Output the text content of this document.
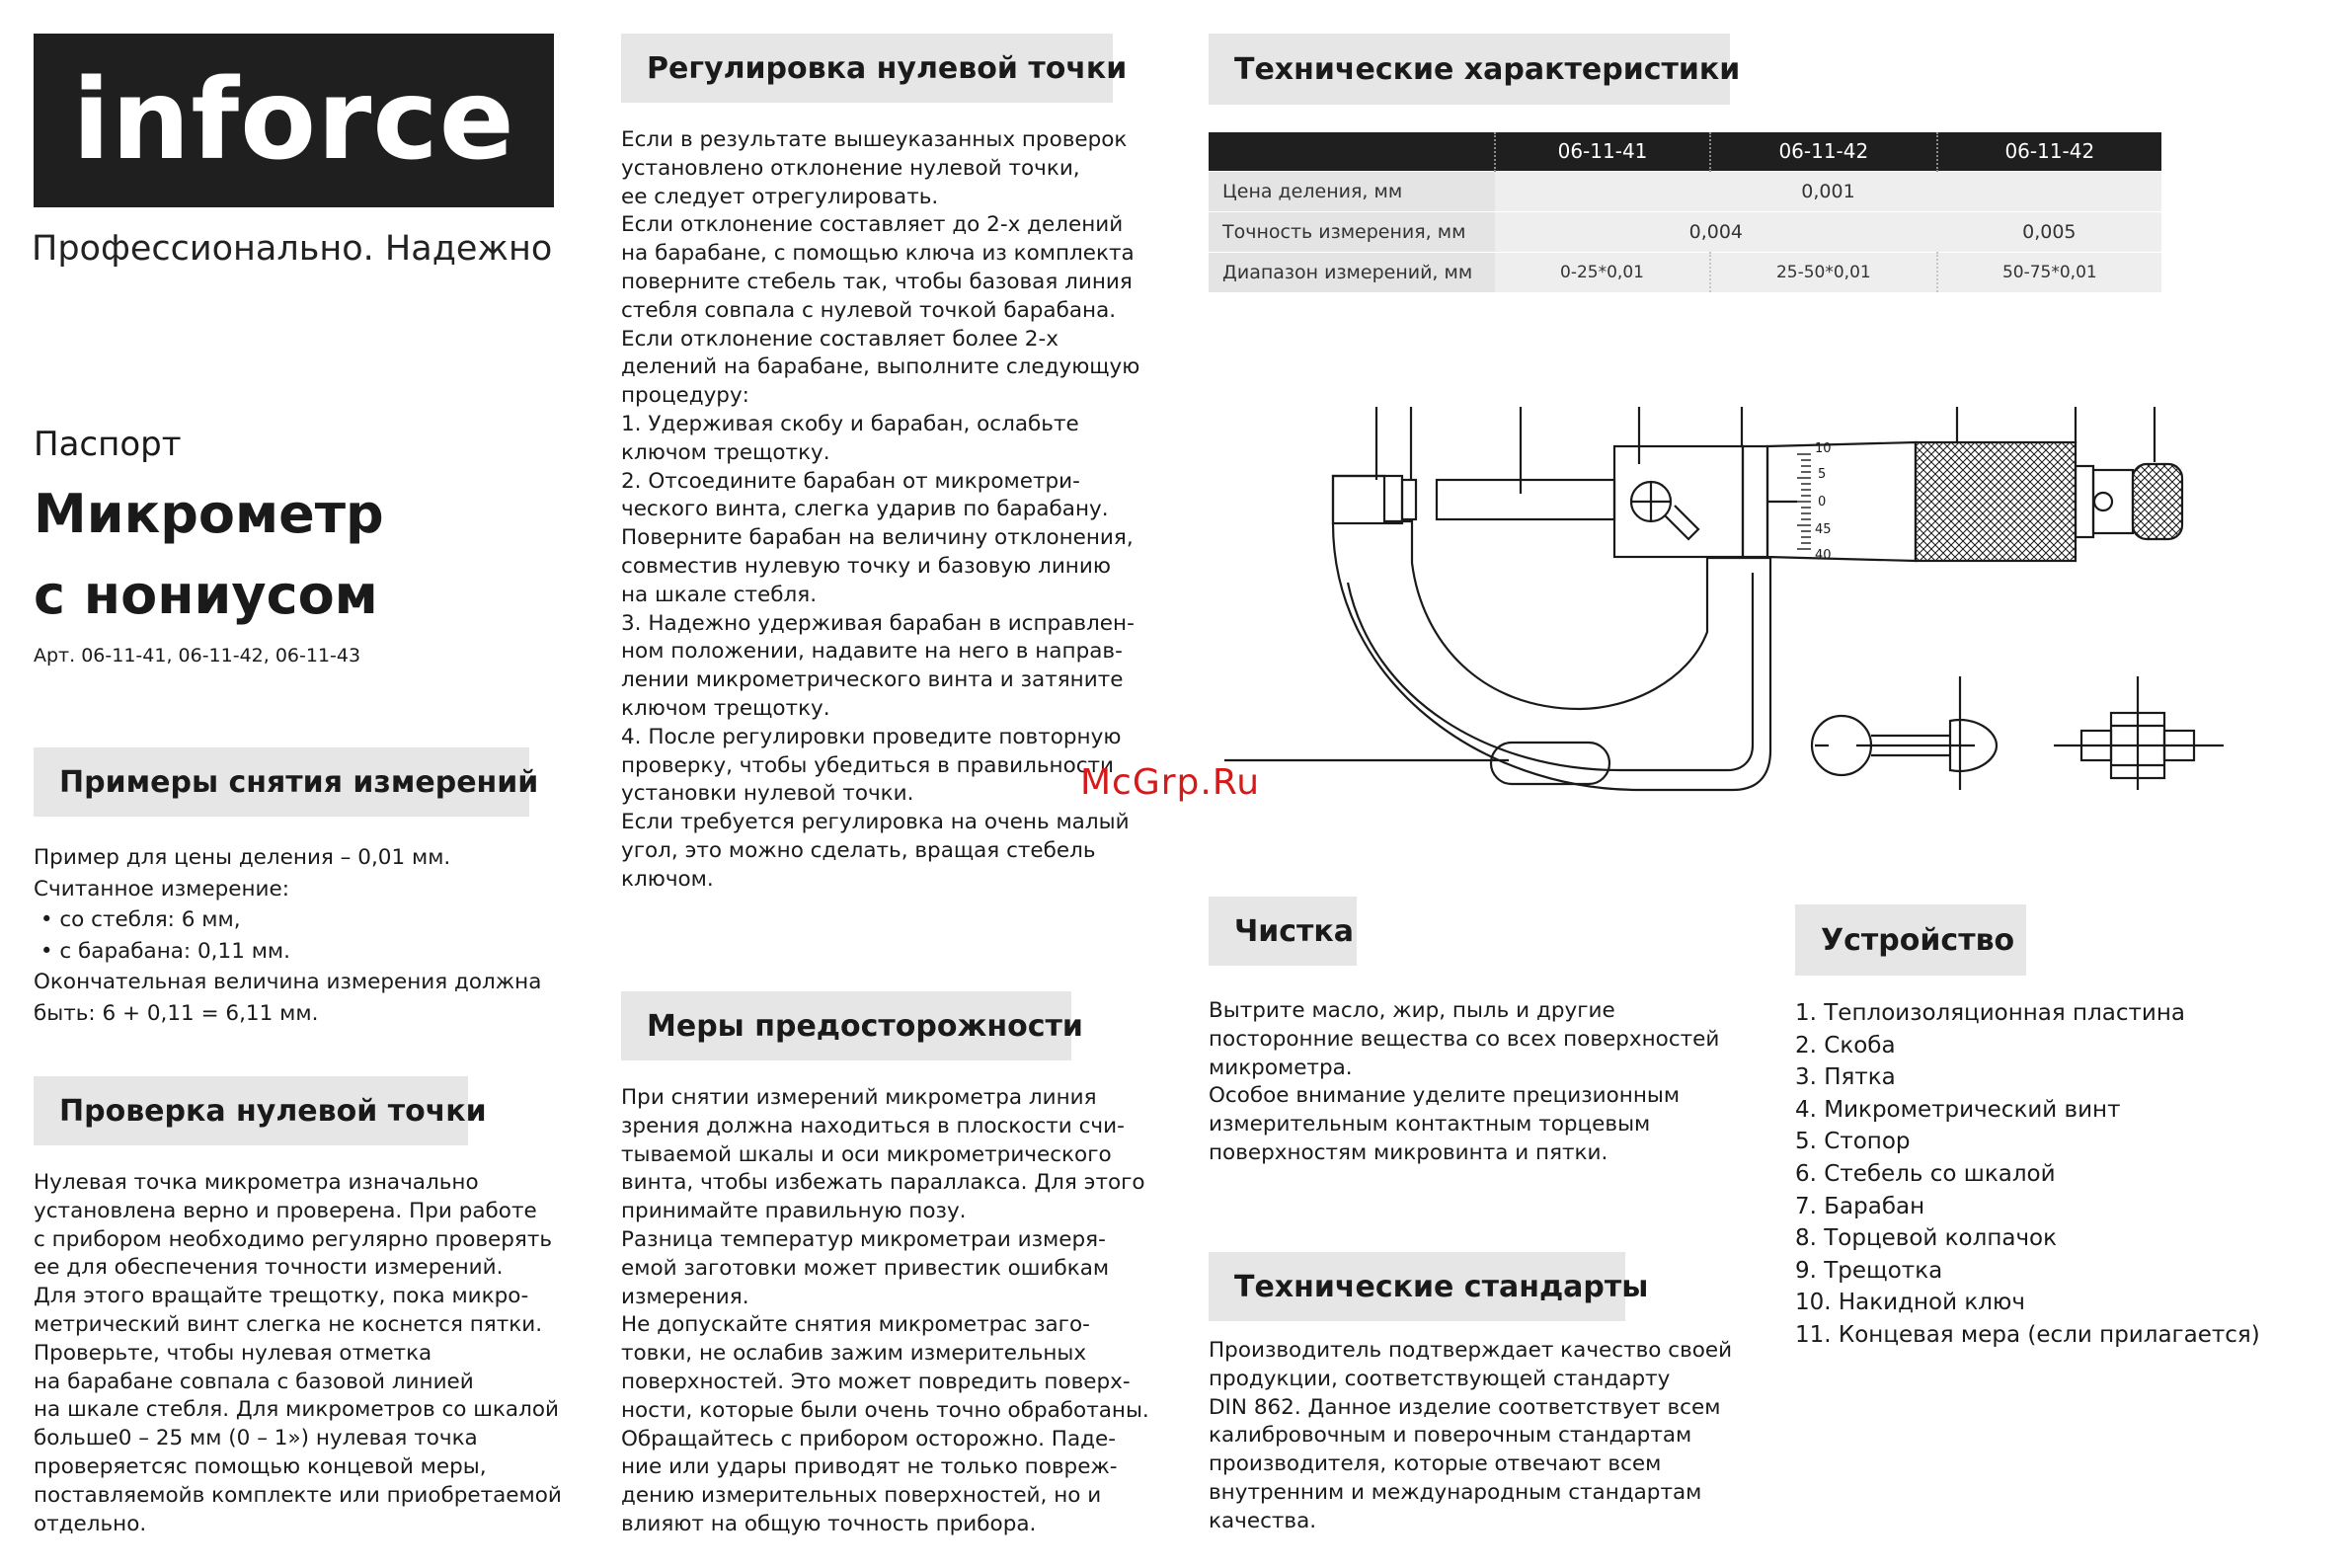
inforce
Профессионально. Надежно
Паспорт
Микрометр
с нониусом
Арт. 06-11-41, 06-11-42, 06-11-43
Примеры снятия измерений

Пример для цены деления – 0,01 мм.

Считанное измерение:

• со стебля: 6 мм,

• с барабана: 0,11 мм.

Окончательная величина измерения должна

быть: 6 + 0,11 = 6,11 мм.

Проверка нулевой точки

Нулевая точка микрометра изначально

установлена верно и проверена. При работе

с прибором необходимо регулярно проверять

ее для обеспечения точности измерений.

Для этого вращайте трещотку, пока микро-

метрический винт слегка не коснется пятки.

Проверьте, чтобы нулевая отметка

на барабане совпала с базовой линией

на шкале стебля. Для микрометров со шкалой

больше0 – 25 мм (0 – 1») нулевая точка

проверяетсяс помощью концевой меры,

поставляемойв комплекте или приобретаемой

отдельно.

Регулировка нулевой точки

Если в результате вышеуказанных проверок

установлено отклонение нулевой точки,

ее следует отрегулировать.

Если отклонение составляет до 2-х делений

на барабане, с помощью ключа из комплекта

поверните стебель так, чтобы базовая линия

стебля совпала с нулевой точкой барабана.

Если отклонение составляет более 2-х

делений на барабане, выполните следующую

процедуру:

1. Удерживая скобу и барабан, ослабьте

ключом трещотку.

2. Отсоедините барабан от микрометри-

ческого винта, слегка ударив по барабану.

Поверните барабан на величину отклонения,

совместив нулевую точку и базовую линию

на шкале стебля.

3. Надежно удерживая барабан в исправлен-

ном положении, надавите на него в направ-

лении микрометрического винта и затяните

ключом трещотку.

4. После регулировки проведите повторную

проверку, чтобы убедиться в правильности

установки нулевой точки.

Если требуется регулировка на очень малый

угол, это можно сделать, вращая стебель

ключом.

Меры предосторожности

При снятии измерений микрометра линия

зрения должна находиться в плоскости счи-

тываемой шкалы и оси микрометрического

винта, чтобы избежать параллакса. Для этого

принимайте правильную позу.

Разница температур микрометраи измеря-

емой заготовки может привестик ошибкам

измерения.

Не допускайте снятия микрометрас заго-

товки, не ослабив зажим измерительных

поверхностей. Это может повредить поверх-

ности, которые были очень точно обработаны.

Обращайтесь с прибором осторожно. Паде-

ние или удары приводят не только повреж-

дению измерительных поверхностей, но и

влияют на общую точность прибора.

Технические характеристики
	06-11-41	06-11-42	06-11-42
Цена деления, мм	0,001		
Точность измерения, мм	0,004		0,005
Диапазон измерений, мм	0-25*0,01	25-50*0,01	50-75*0,01
10
5
0
45
40
McGrp.Ru
Чистка

Вытрите масло, жир, пыль и другие

посторонние вещества со всех поверхностей

микрометра.

Особое внимание уделите прецизионным

измерительным контактным торцевым

поверхностям микровинта и пятки.

Технические стандарты

Производитель подтверждает качество своей

продукции, соответствующей стандарту

DIN 862. Данное изделие соответствует всем

калибровочным и поверочным стандартам

производителя, которые отвечают всем

внутренним и международным стандартам

качества.

Устройство
1. Теплоизоляционная пластина
2. Скоба
3. Пятка
4. Микрометрический винт
5. Стопор
6. Стебель со шкалой
7. Барабан
8. Торцевой колпачок
9. Трещотка
10. Накидной ключ
11. Концевая мера (если прилагается)
